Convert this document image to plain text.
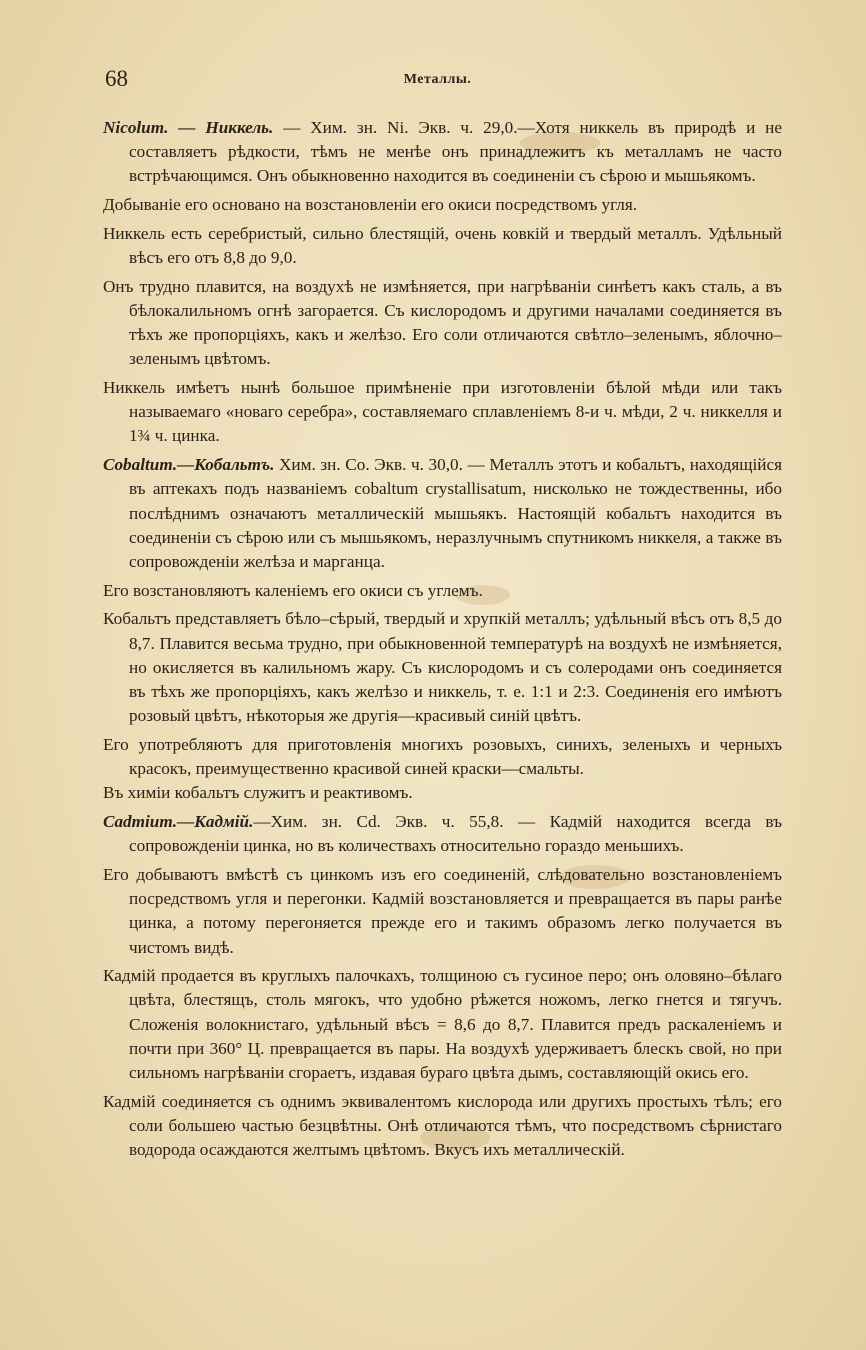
68	Металлы.

Nicolum. — Никкель. — Хим. зн. Ni. Экв. ч. 29,0.—Хотя никкель въ природѣ и не составляетъ рѣдкости, тѣмъ не менѣе онъ принадлежитъ къ металламъ не часто встрѣчающимся. Онъ обыкновенно находится въ соединеніи съ сѣрою и мышьякомъ.

Добываніе его основано на возстановленіи его окиси посредствомъ угля.

Никкель есть серебристый, сильно блестящій, очень ковкій и твердый металлъ. Удѣльный вѣсъ его отъ 8,8 до 9,0.

Онъ трудно плавится, на воздухѣ не измѣняется, при нагрѣваніи синѣетъ какъ сталь, а въ бѣлокалильномъ огнѣ загорается. Съ кислородомъ и другими началами соединяется въ тѣхъ же пропорціяхъ, какъ и желѣзо. Его соли отличаются свѣтло–зеленымъ, яблочно–зеленымъ цвѣтомъ.

Никкель имѣетъ нынѣ большое примѣненіе при изготовленіи бѣлой мѣди или такъ называемаго «новаго серебра», составляемаго сплавленіемъ 8-и ч. мѣди, 2 ч. никкелля и 1¾ ч. цинка.

Cobaltum.—Кобальтъ. Хим. зн. Co. Экв. ч. 30,0. — Металлъ этотъ и кобальтъ, находящійся въ аптекахъ подъ названіемъ cobaltum crystallisatum, нисколько не тождественны, ибо послѣднимъ означаютъ металлическій мышьякъ. Настоящій кобальтъ находится въ соединеніи съ сѣрою или съ мышьякомъ, неразлучнымъ спутникомъ никкеля, а также въ сопровожденіи желѣза и марганца.

Его возстановляютъ каленіемъ его окиси съ углемъ.

Кобальтъ представляетъ бѣло–сѣрый, твердый и хрупкій металлъ; удѣльный вѣсъ отъ 8,5 до 8,7. Плавится весьма трудно, при обыкновенной температурѣ на воздухѣ не измѣняется, но окисляется въ калильномъ жару. Съ кислородомъ и съ солеродами онъ соединяется въ тѣхъ же пропорціяхъ, какъ желѣзо и никкель, т. е. 1:1 и 2:3. Соединенія его имѣютъ розовый цвѣтъ, нѣкоторыя же другія—красивый синій цвѣтъ.

Его употребляютъ для приготовленія многихъ розовыхъ, синихъ, зеленыхъ и черныхъ красокъ, преимущественно красивой синей краски—смальты.

Въ химіи кобальтъ служитъ и реактивомъ.

Cadmium.—Кадмій.—Хим. зн. Cd. Экв. ч. 55,8. — Кадмій находится всегда въ сопровожденіи цинка, но въ количествахъ относительно гораздо меньшихъ.

Его добываютъ вмѣстѣ съ цинкомъ изъ его соединеній, слѣдовательно возстановленіемъ посредствомъ угля и перегонки. Кадмій возстановляется и превращается въ пары ранѣе цинка, а потому перегоняется прежде его и такимъ образомъ легко получается въ чистомъ видѣ.

Кадмій продается въ круглыхъ палочкахъ, толщиною съ гусиное перо; онъ оловяно–бѣлаго цвѣта, блестящъ, столь мягокъ, что удобно рѣжется ножомъ, легко гнется и тягучъ. Сложенія волокнистаго, удѣльный вѣсъ = 8,6 до 8,7. Плавится предъ раскаленіемъ и почти при 360° Ц. превращается въ пары. На воздухѣ удерживаетъ блескъ свой, но при сильномъ нагрѣваніи сгораетъ, издавая бураго цвѣта дымъ, составляющій окись его.

Кадмій соединяется съ однимъ эквивалентомъ кислорода или другихъ простыхъ тѣлъ; его соли большею частью безцвѣтны. Онѣ отличаются тѣмъ, что посредствомъ сѣрнистаго водорода осаждаются желтымъ цвѣтомъ. Вкусъ ихъ металлическій.
